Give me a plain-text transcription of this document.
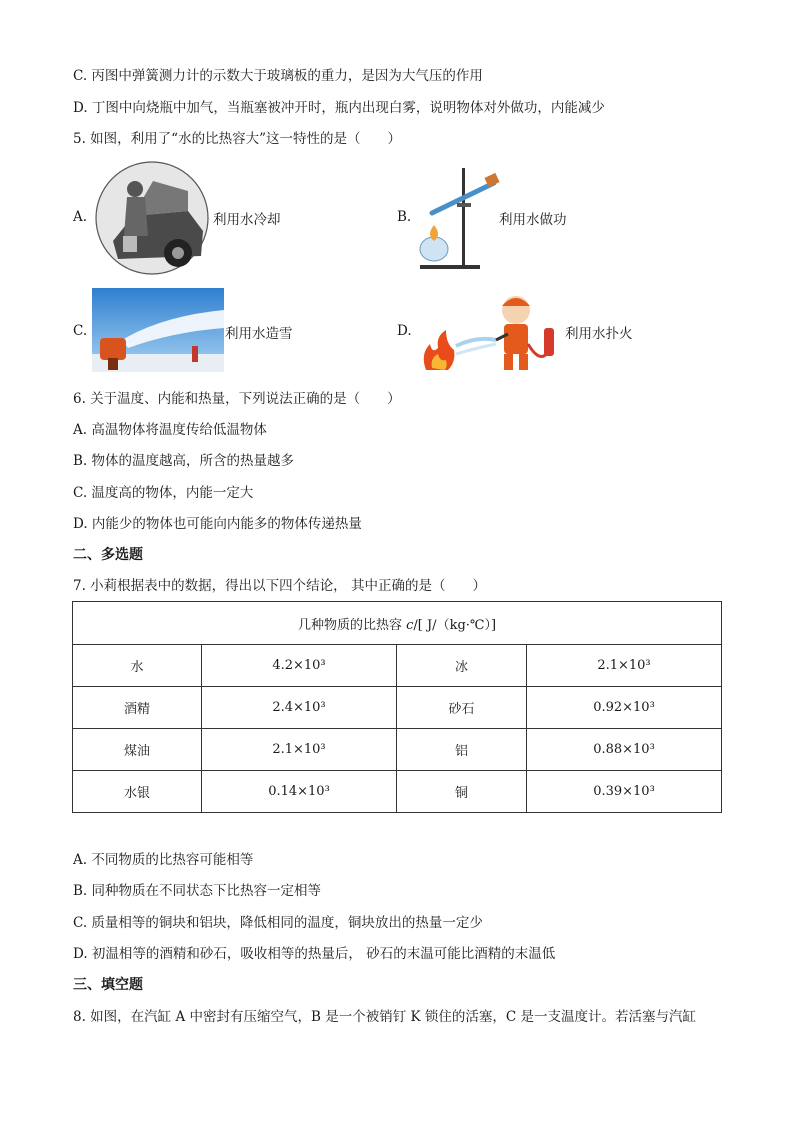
C. 丙图中弹簧测力计的示数大于玻璃板的重力，是因为大气压的作用
D. 丁图中向烧瓶中加气，当瓶塞被冲开时，瓶内出现白雾，说明物体对外做功，内能减少
5. 如图，利用了“水的比热容大”这一特性的是（　　）
A.	利用水冷却	B.	利用水做功
C.	利用水造雪	D.	利用水扑火
6. 关于温度、内能和热量，下列说法正确的是（　　）
A. 高温物体将温度传给低温物体
B. 物体的温度越高，所含的热量越多
C. 温度高的物体，内能一定大
D. 内能少的物体也可能向内能多的物体传递热量
二、多选题
7. 小莉根据表中的数据，得出以下四个结论， 其中正确的是（　　）
几种物质的比热容 c/[ J/（kg·℃）]			
水	4.2×10³	冰	2.1×10³
酒精	2.4×10³	砂石	0.92×10³
煤油	2.1×10³	铝	0.88×10³
水银	0.14×10³	铜	0.39×10³
A. 不同物质的比热容可能相等
B. 同种物质在不同状态下比热容一定相等
C. 质量相等的铜块和铝块，降低相同的温度，铜块放出的热量一定少
D. 初温相等的酒精和砂石，吸收相等的热量后， 砂石的末温可能比酒精的末温低
三、填空题
8. 如图，在汽缸 A 中密封有压缩空气，B 是一个被销钉 K 锁住的活塞，C 是一支温度计。若活塞与汽缸
